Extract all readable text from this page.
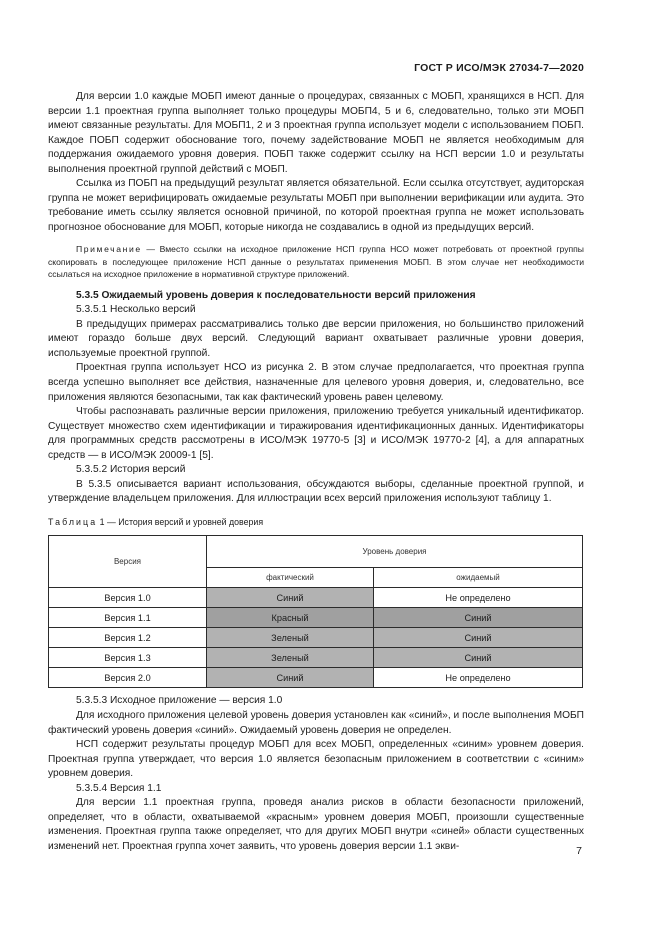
ГОСТ Р ИСО/МЭК 27034-7—2020

Для версии 1.0 каждые МОБП имеют данные о процедурах, связанных с МОБП, хранящихся в НСП. Для версии 1.1 проектная группа выполняет только процедуры МОБП4, 5 и 6, следовательно, только эти МОБП имеют связанные результаты. Для МОБП1, 2 и 3 проектная группа использует модели с использованием ПОБП. Каждое ПОБП содержит обоснование того, почему задействование МОБП не является необходимым для поддержания ожидаемого уровня доверия. ПОБП также содержит ссылку на НСП версии 1.0 и результаты выполнения проектной группой действий с МОБП.

Ссылка из ПОБП на предыдущий результат является обязательной. Если ссылка отсутствует, аудиторская группа не может верифицировать ожидаемые результаты МОБП при выполнении верификации или аудита. Это требование иметь ссылку является основной причиной, по которой проектная группа не может использовать прогнозное обоснование для МОБП, которые никогда не создавались в одной из предыдущих версий.

Примечание — Вместо ссылки на исходное приложение НСП группа НСО может потребовать от проектной группы скопировать в последующее приложение НСП данные о результатах применения МОБП. В этом случае нет необходимости ссылаться на исходное приложение в нормативной структуре приложений.

5.3.5 Ожидаемый уровень доверия к последовательности версий приложения

5.3.5.1 Несколько версий

В предыдущих примерах рассматривались только две версии приложения, но большинство приложений имеют гораздо больше двух версий. Следующий вариант охватывает различные уровни доверия, используемые проектной группой.

Проектная группа использует НСО из рисунка 2. В этом случае предполагается, что проектная группа всегда успешно выполняет все действия, назначенные для целевого уровня доверия, и, следовательно, все приложения являются безопасными, так как фактический уровень равен целевому.

Чтобы распознавать различные версии приложения, приложению требуется уникальный идентификатор. Существует множество схем идентификации и тиражирования идентификационных данных. Идентификаторы для программных средств рассмотрены в ИСО/МЭК 19770-5 [3] и ИСО/МЭК 19770-2 [4], а для аппаратных средств — в ИСО/МЭК 20009-1 [5].

5.3.5.2 История версий

В 5.3.5 описывается вариант использования, обсуждаются выборы, сделанные проектной группой, и утверждение владельцем приложения. Для иллюстрации всех версий приложения используют таблицу 1.

Таблица 1 — История версий и уровней доверия

Версия	Уровень доверия	
	фактический	ожидаемый
Версия 1.0	Синий	Не определено
Версия 1.1	Красный	Синий
Версия 1.2	Зеленый	Синий
Версия 1.3	Зеленый	Синий
Версия 2.0	Синий	Не определено

5.3.5.3 Исходное приложение — версия 1.0

Для исходного приложения целевой уровень доверия установлен как «синий», и после выполнения МОБП фактический уровень доверия «синий». Ожидаемый уровень доверия не определен.

НСП содержит результаты процедур МОБП для всех МОБП, определенных «синим» уровнем доверия. Проектная группа утверждает, что версия 1.0 является безопасным приложением в соответствии с «синим» уровнем доверия.

5.3.5.4 Версия 1.1

Для версии 1.1 проектная группа, проведя анализ рисков в области безопасности приложений, определяет, что в области, охватываемой «красным» уровнем доверия МОБП, произошли существенные изменения. Проектная группа также определяет, что для других МОБП внутри «синей» области существенных изменений нет. Проектная группа хочет заявить, что уровень доверия версии 1.1 экви-	7
